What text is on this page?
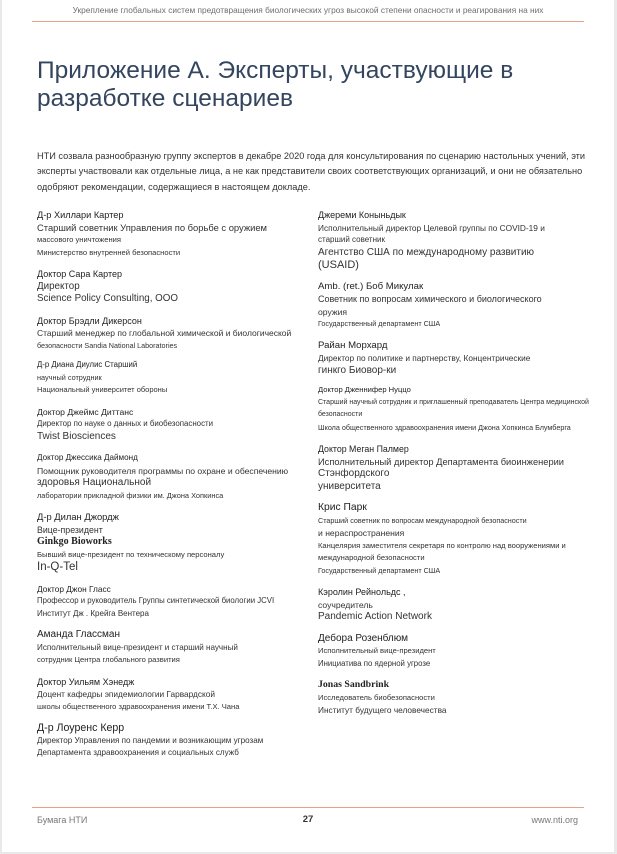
Укрепление глобальных систем предотвращения биологических угроз высокой степени опасности и реагирования на них
Приложение А. Эксперты, участвующие в разработке сценариев

НТИ созвала разнообразную группу экспертов в декабре 2020 года для консультирования по сценарию настольных учений, эти эксперты участвовали как отдельные лица, а не как представители своих соответствующих организаций, и они не обязательно одобряют рекомендации, содержащиеся в настоящем докладе.

Д-р Хиллари Картер
Старший советник Управления по борьбе с оружием
массового уничтожения
Министерство внутренней безопасности
Доктор Сара Картер
Директор
Science Policy Consulting, OOO
Доктор Брэдли Дикерсон
Старший менеджер по глобальной химической и биологической
безопасности Sandia National Laboratories
Д-р Диана Диулис Старший
научный сотрудник
Национальный университет обороны
Доктор Джеймс Диттанс
Директор по науке о данных и биобезопасности
Twist Biosciences
Доктор Джессика Даймонд
Помощник руководителя программы по охране и обеспечению
здоровья Национальной
лаборатории прикладной физики им. Джона Хопкинса
Д-р Дилан Джордж
Вице-президент
Ginkgo Bioworks
Бывший вице-президент по техническому персоналу
In-Q-Tel
Доктор Джон Гласс
Профессор и руководитель Группы синтетической биологии JCVI
Институт Дж . Крейга Вентера
Аманда Глассман
Исполнительный вице-президент и старший научный
сотрудник Центра глобального развития
Доктор Уильям Хэнедж
Доцент кафедры эпидемиологии Гарвардской
школы общественного здравоохранения имени Т.Х. Чана
Д-р Лоуренс Керр
Директор Управления по пандемии и возникающим угрозам
Департамента здравоохранения и социальных служб
Джереми Коныньдык
Исполнительный директор Целевой группы по COVID-19 и
старший советник
Агентство США по международному развитию
(USAID)
Amb. (ret.) Боб Микулак
Советник по вопросам химического и биологического
оружия
Государственный департамент США
Райан Морхард
Директор по политике и партнерству, Концентрические
гинкго Биовор-ки
Доктор Дженнифер Нуццо
Старший научный сотрудник и приглашенный преподаватель Центра медицинской
безопасности
Школа общественного здравоохранения имени Джона Хопкинса Блумберга
Доктор Меган Палмер
Исполнительный директор Департамента биоинженерии
Стэнфордского
университета
Крис Парк
Старший советник по вопросам международной безопасности
и нераспространения
Канцелярия заместителя секретаря по контролю над вооружениями и
международной безопасности
Государственный департамент США
Кэролин Рейнольдс ,
соучредитель
Pandemic Action Network
Дебора Розенблюм
Исполнительный вице-президент
Инициатива по ядерной угрозе
Jonas Sandbrink
Исследователь биобезопасности
Институт будущего человечества
Бумага НТИ	27	www.nti.org
